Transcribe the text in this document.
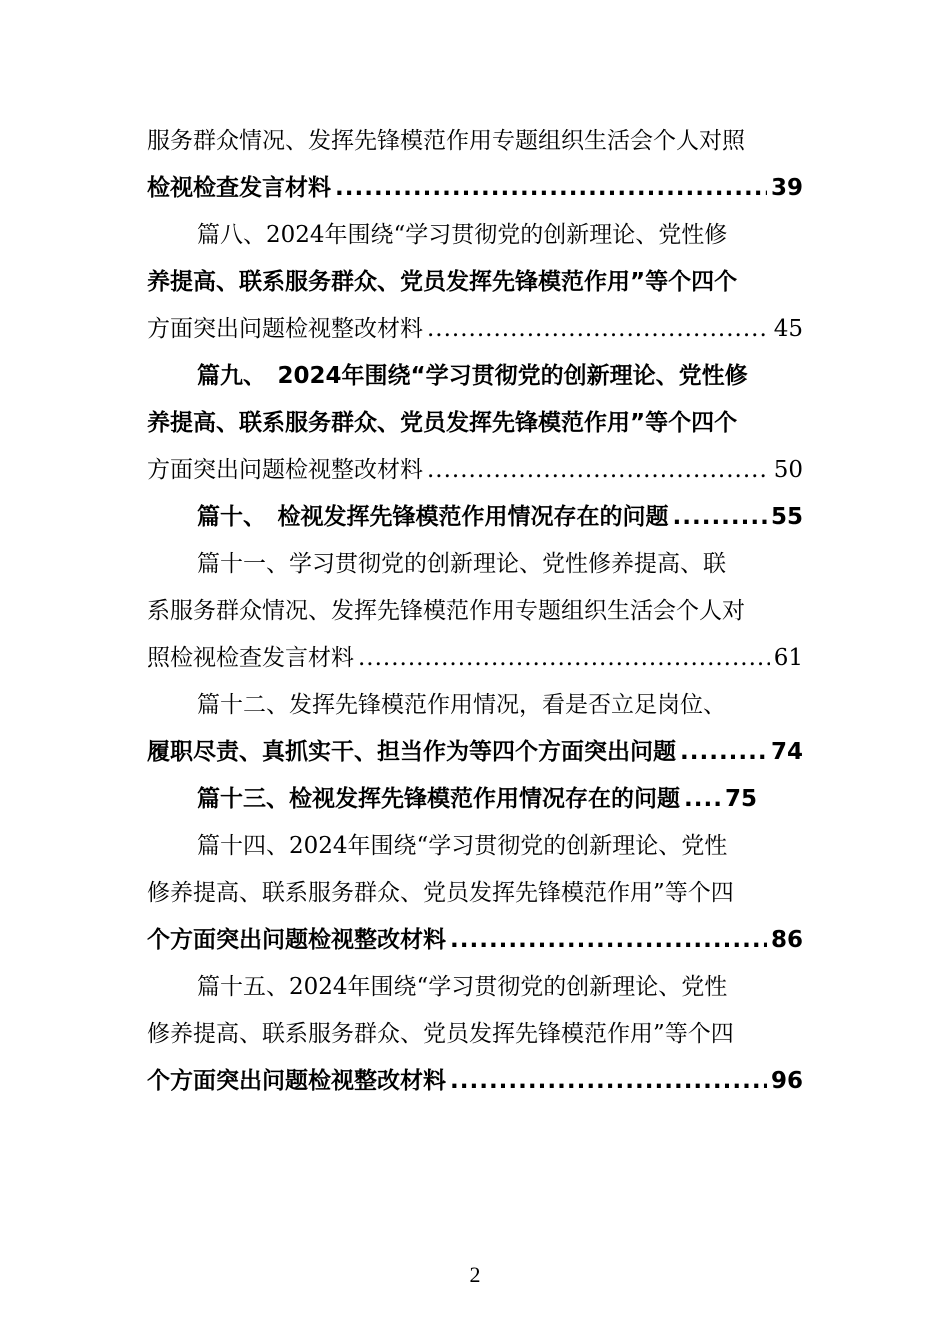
服务群众情况、发挥先锋模范作用专题组织生活会个人对照
检视检查发言材料 .....	39
篇八、2024年围绕“学习贯彻党的创新理论、党性修
养提高、联系服务群众、党员发挥先锋模范作用”等个四个
方面突出问题检视整改材料 .....	45
篇九、　2024年围绕“学习贯彻党的创新理论、党性修
养提高、联系服务群众、党员发挥先锋模范作用”等个四个
方面突出问题检视整改材料 .....	50
篇十、　检视发挥先锋模范作用情况存在的问题 .....	55
篇十一、学习贯彻党的创新理论、党性修养提高、联
系服务群众情况、发挥先锋模范作用专题组织生活会个人对
照检视检查发言材料 .....	61
篇十二、发挥先锋模范作用情况，看是否立足岗位、
履职尽责、真抓实干、担当作为等四个方面突出问题 .....	74
篇十三、检视发挥先锋模范作用情况存在的问题 ..... 75
篇十四、2024年围绕“学习贯彻党的创新理论、党性
修养提高、联系服务群众、党员发挥先锋模范作用”等个四
个方面突出问题检视整改材料 .....	86
篇十五、2024年围绕“学习贯彻党的创新理论、党性
修养提高、联系服务群众、党员发挥先锋模范作用”等个四
个方面突出问题检视整改材料 .....	96
2
